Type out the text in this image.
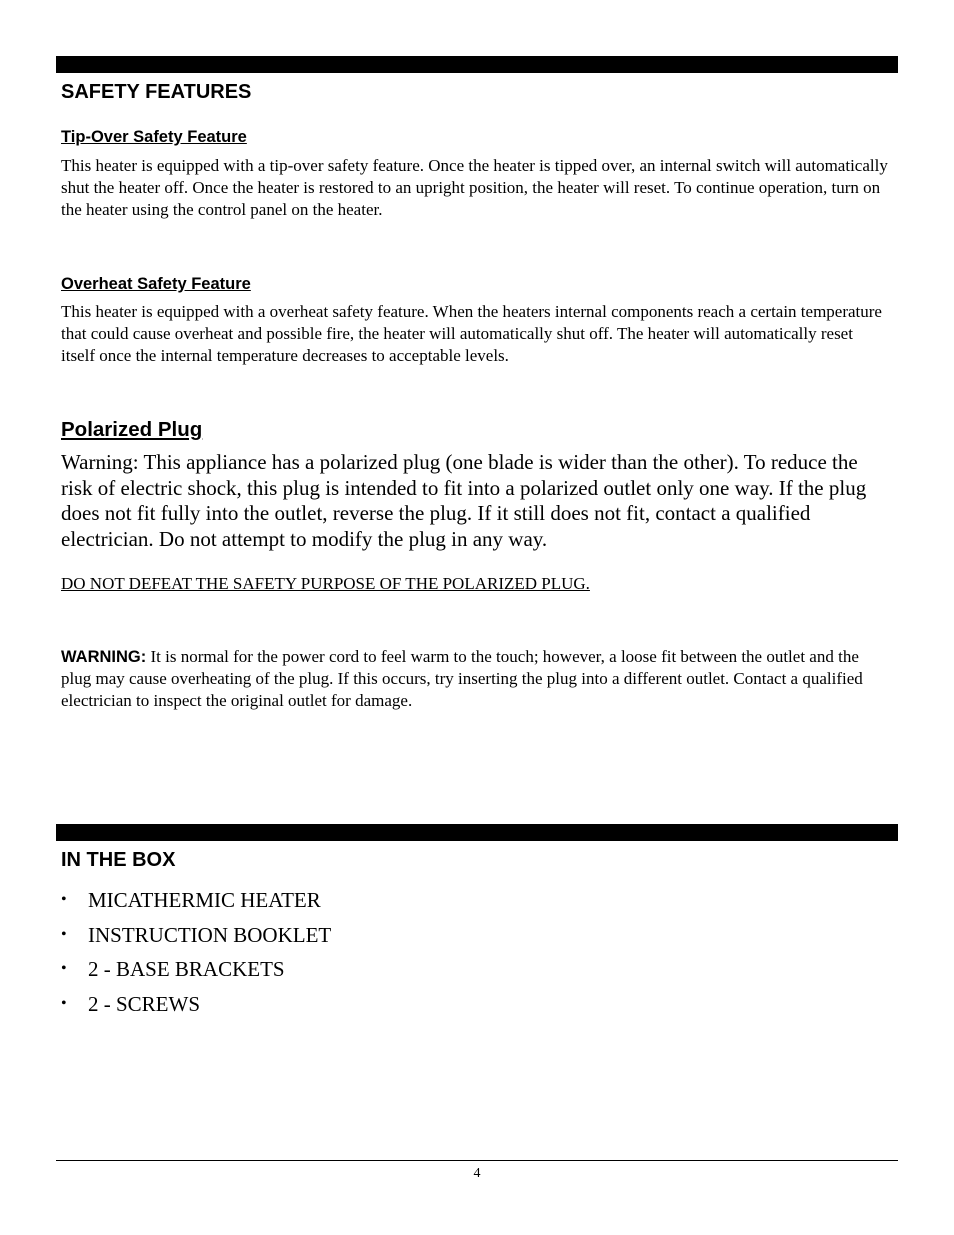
SAFETY FEATURES
Tip-Over Safety Feature

This heater is equipped with a tip-over safety feature. Once the heater is tipped over, an internal switch will automatically shut the heater off. Once the heater is restored to an upright position, the heater will reset. To continue operation, turn on the heater using the control panel on the heater.

Overheat Safety Feature

This heater is equipped with a overheat safety feature. When the heaters internal components reach a certain temperature that could cause overheat and possible fire, the heater will automatically shut off. The heater will automatically reset itself once the internal temperature decreases to acceptable levels.

Polarized Plug

Warning: This appliance has a polarized plug (one blade is wider than the other). To reduce the risk of electric shock, this plug is intended to fit into a polarized outlet only one way. If the plug does not fit fully into the outlet, reverse the plug. If it still does not fit, contact a qualified electrician. Do not attempt to modify the plug in any way.

DO NOT DEFEAT THE SAFETY PURPOSE OF THE POLARIZED PLUG.

WARNING: It is normal for the power cord to feel warm to the touch; however, a loose fit between the outlet and the plug may cause overheating of the plug. If this occurs, try inserting the plug into a different outlet. Contact a qualified electrician to inspect the original outlet for damage.

IN THE BOX
• MICATHERMIC HEATER
• INSTRUCTION BOOKLET
• 2 - BASE BRACKETS
• 2 - SCREWS
4
